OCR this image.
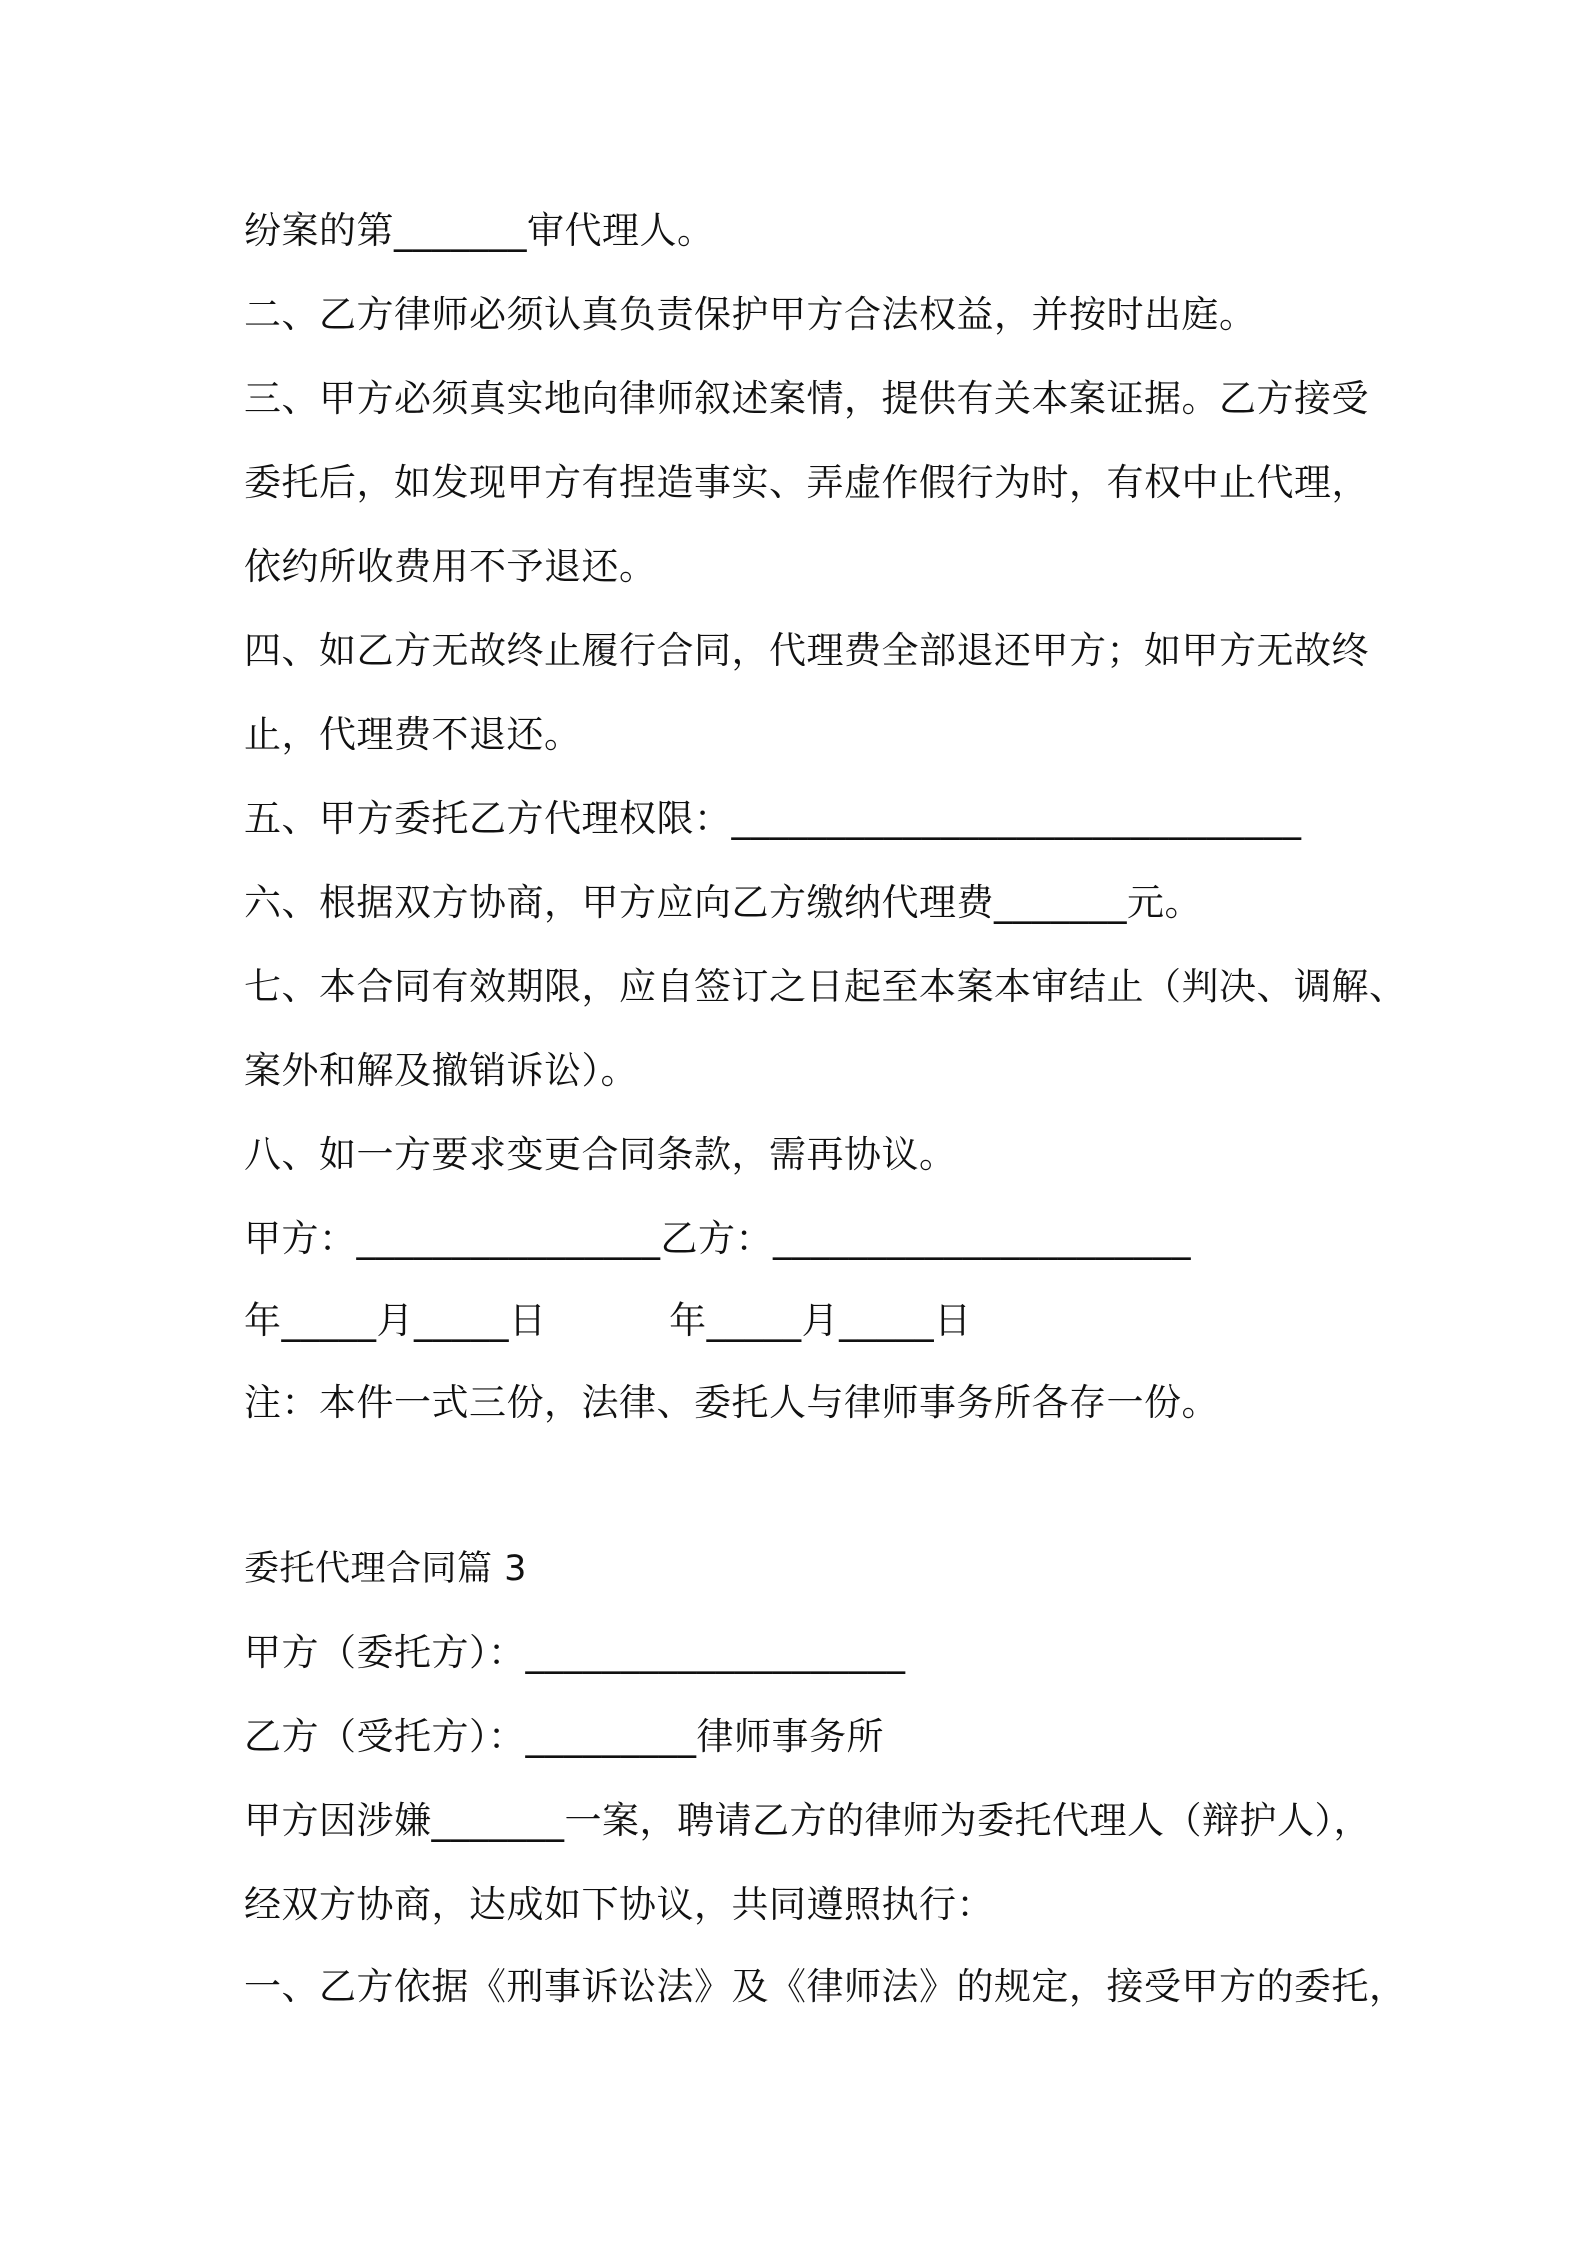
纷案的第_______审代理人。
二、乙方律师必须认真负责保护甲方合法权益，并按时出庭。
三、甲方必须真实地向律师叙述案情，提供有关本案证据。乙方接受
委托后，如发现甲方有捏造事实、弄虚作假行为时，有权中止代理，
依约所收费用不予退还。
四、如乙方无故终止履行合同，代理费全部退还甲方；如甲方无故终
止，代理费不退还。
五、甲方委托乙方代理权限：______________________________
六、根据双方协商，甲方应向乙方缴纳代理费_______元。
七、本合同有效期限，应自签订之日起至本案本审结止（判决、调解、
案外和解及撤销诉讼）。
八、如一方要求变更合同条款，需再协议。
甲方：________________乙方：______________________
年_____月_____日          年_____月_____日
注：本件一式三份，法律、委托人与律师事务所各存一份。
委托代理合同篇 3
甲方（委托方）：____________________
乙方（受托方）：_________律师事务所
甲方因涉嫌_______一案，聘请乙方的律师为委托代理人（辩护人），
经双方协商，达成如下协议，共同遵照执行：
一、乙方依据《刑事诉讼法》及《律师法》的规定，接受甲方的委托，
